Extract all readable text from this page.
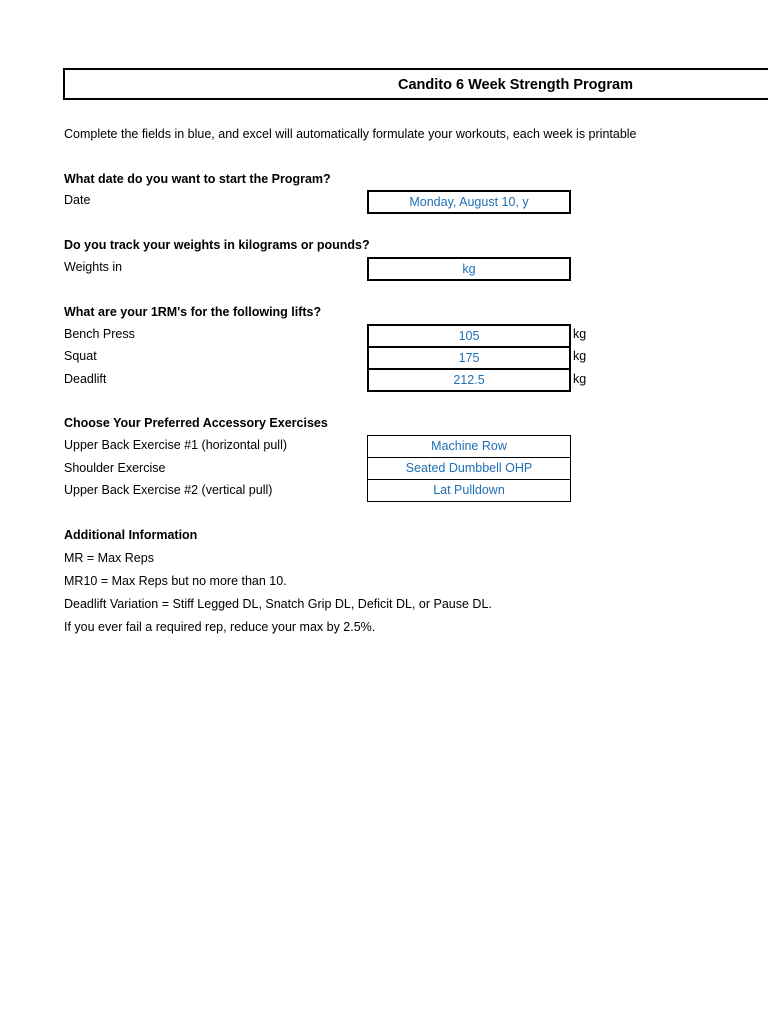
Candito 6 Week Strength Program
Complete the fields in blue, and excel will automatically formulate your workouts, each week is printable
What date do you want to start the Program?
Date	Monday, August 10, y
Do you track your weights in kilograms or pounds?
Weights in	kg
What are your 1RM's for the following lifts?
Bench Press	105	kg
Squat	175	kg
Deadlift	212.5	kg
Choose Your Preferred Accessory Exercises
Upper Back Exercise #1 (horizontal pull)	Machine Row
Shoulder Exercise	Seated Dumbbell OHP
Upper Back Exercise #2 (vertical pull)	Lat Pulldown
Additional Information
MR = Max Reps
MR10 = Max Reps but no more than 10.
Deadlift Variation = Stiff Legged DL, Snatch Grip DL, Deficit DL, or Pause DL.
If you ever fail a required rep, reduce your max by 2.5%.
